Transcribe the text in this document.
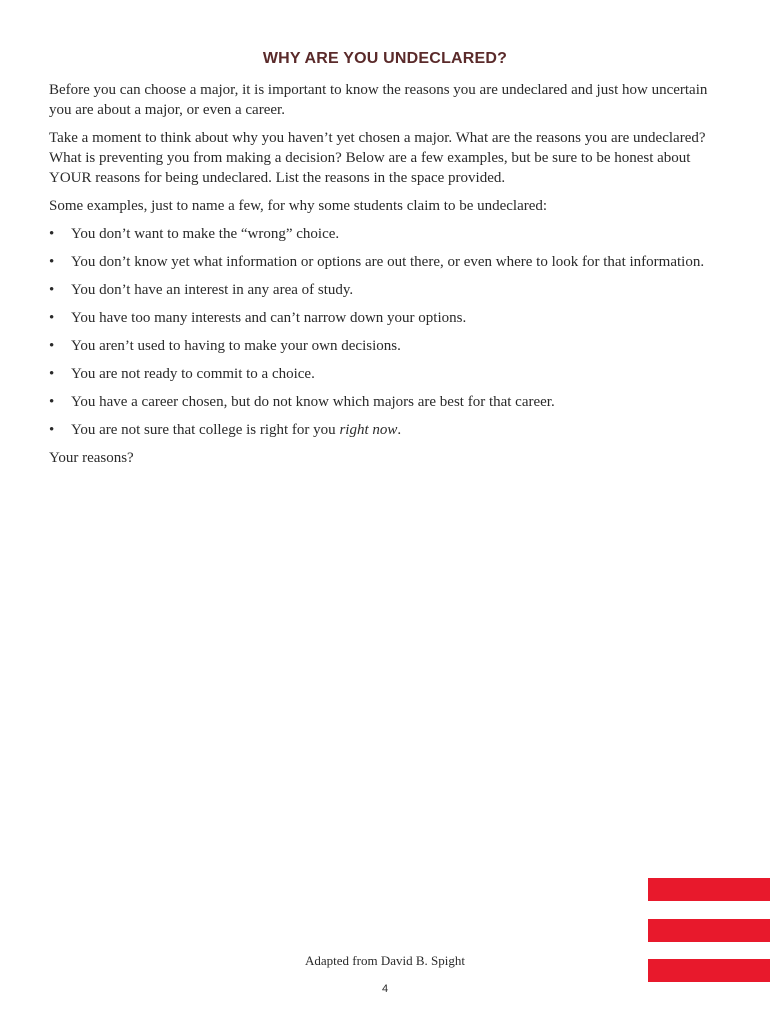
WHY ARE YOU UNDECLARED?

Before you can choose a major, it is important to know the reasons you are undeclared and just how uncertain you are about a major, or even a career.

Take a moment to think about why you haven’t yet chosen a major. What are the reasons you are undeclared? What is preventing you from making a decision? Below are a few examples, but be sure to be honest about YOUR reasons for being undeclared. List the reasons in the space provided.

Some examples, just to name a few, for why some students claim to be undeclared:

• You don’t want to make the “wrong” choice.
• You don’t know yet what information or options are out there, or even where to look for that information.
• You don’t have an interest in any area of study.
• You have too many interests and can’t narrow down your options.
• You aren’t used to having to make your own decisions.
• You are not ready to commit to a choice.
• You have a career chosen, but do not know which majors are best for that career.
• You are not sure that college is right for you right now.

Your reasons?

Adapted from David B. Spight
4
